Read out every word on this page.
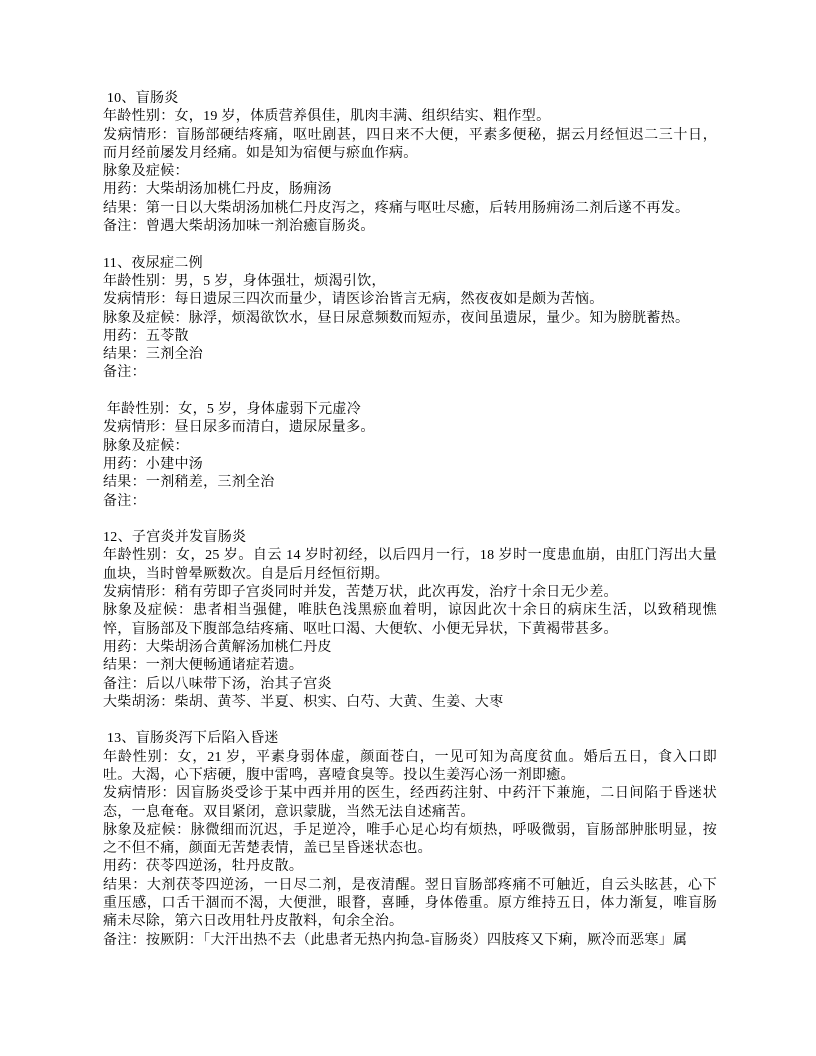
10、盲肠炎

年龄性别：女，19 岁，体质营养俱佳，肌肉丰满、组织结实、粗作型。

发病情形：盲肠部硬结疼痛，呕吐剧甚，四日来不大便，平素多便秘，据云月经恒迟二三十日，而月经前屡发月经痛。如是知为宿便与瘀血作病。

脉象及症候：

用药：大柴胡汤加桃仁丹皮，肠痈汤

结果：第一日以大柴胡汤加桃仁丹皮泻之，疼痛与呕吐尽癒，后转用肠痈汤二剂后遂不再发。

备注：曾遇大柴胡汤加味一剂治癒盲肠炎。

11、夜尿症二例

年龄性别：男，5 岁，身体强壮，烦渴引饮，

发病情形：每日遗尿三四次而量少，请医诊治皆言无病，然夜夜如是颇为苦恼。

脉象及症候：脉浮，烦渴欲饮水，昼日尿意频数而短赤，夜间虽遗尿，量少。知为膀胱蓄热。

用药：五苓散

结果：三剂全治

备注：

年龄性别：女，5 岁，身体虚弱下元虚冷

发病情形：昼日尿多而清白，遗尿尿量多。

脉象及症候：

用药：小建中汤

结果：一剂稍差，三剂全治

备注：

12、子宫炎并发盲肠炎

年龄性别：女，25 岁。自云 14 岁时初经，以后四月一行，18 岁时一度患血崩，由肛门泻出大量血块，当时曾晕厥数次。自是后月经恒衍期。

发病情形：稍有劳即子宫炎同时并发，苦楚万状，此次再发，治疗十余日无少差。

脉象及症候：患者相当强健，唯肤色浅黑瘀血着明，谅因此次十余日的病床生活，以致稍现憔悴，盲肠部及下腹部急结疼痛、呕吐口渴、大便软、小便无异状，下黄褐带甚多。

用药：大柴胡汤合黄解汤加桃仁丹皮

结果：一剂大便畅通诸症若遗。

备注：后以八味带下汤，治其子宫炎

大柴胡汤：柴胡、黄芩、半夏、枳实、白芍、大黄、生姜、大枣

13、盲肠炎泻下后陷入昏迷

年龄性别：女，21 岁，平素身弱体虚，颜面苍白，一见可知为高度贫血。婚后五日，食入口即吐。大渴，心下痞硬，腹中雷鸣，喜噎食臭等。投以生姜泻心汤一剂即癒。

发病情形：因盲肠炎受诊于某中西并用的医生，经西药注射、中药汗下兼施，二日间陷于昏迷状态，一息奄奄。双目紧闭，意识蒙胧，当然无法自述痛苦。

脉象及症候：脉微细而沉迟，手足逆冷，唯手心足心均有烦热，呼吸微弱，盲肠部肿胀明显，按之不但不痛，颜面无苦楚表情，盖已呈昏迷状态也。

用药：茯苓四逆汤，牡丹皮散。

结果：大剂茯苓四逆汤，一日尽二剂，是夜清醒。翌日盲肠部疼痛不可触近，自云头眩甚，心下重压感，口舌干涸而不渴，大便泄，眼瞀，喜睡，身体倦重。原方维持五日，体力渐复，唯盲肠痛未尽除，第六日改用牡丹皮散料，旬余全治。

备注：按厥阴：「大汗出热不去（此患者无热内拘急-盲肠炎）四肢疼又下痢，厥冷而恶寒」属
